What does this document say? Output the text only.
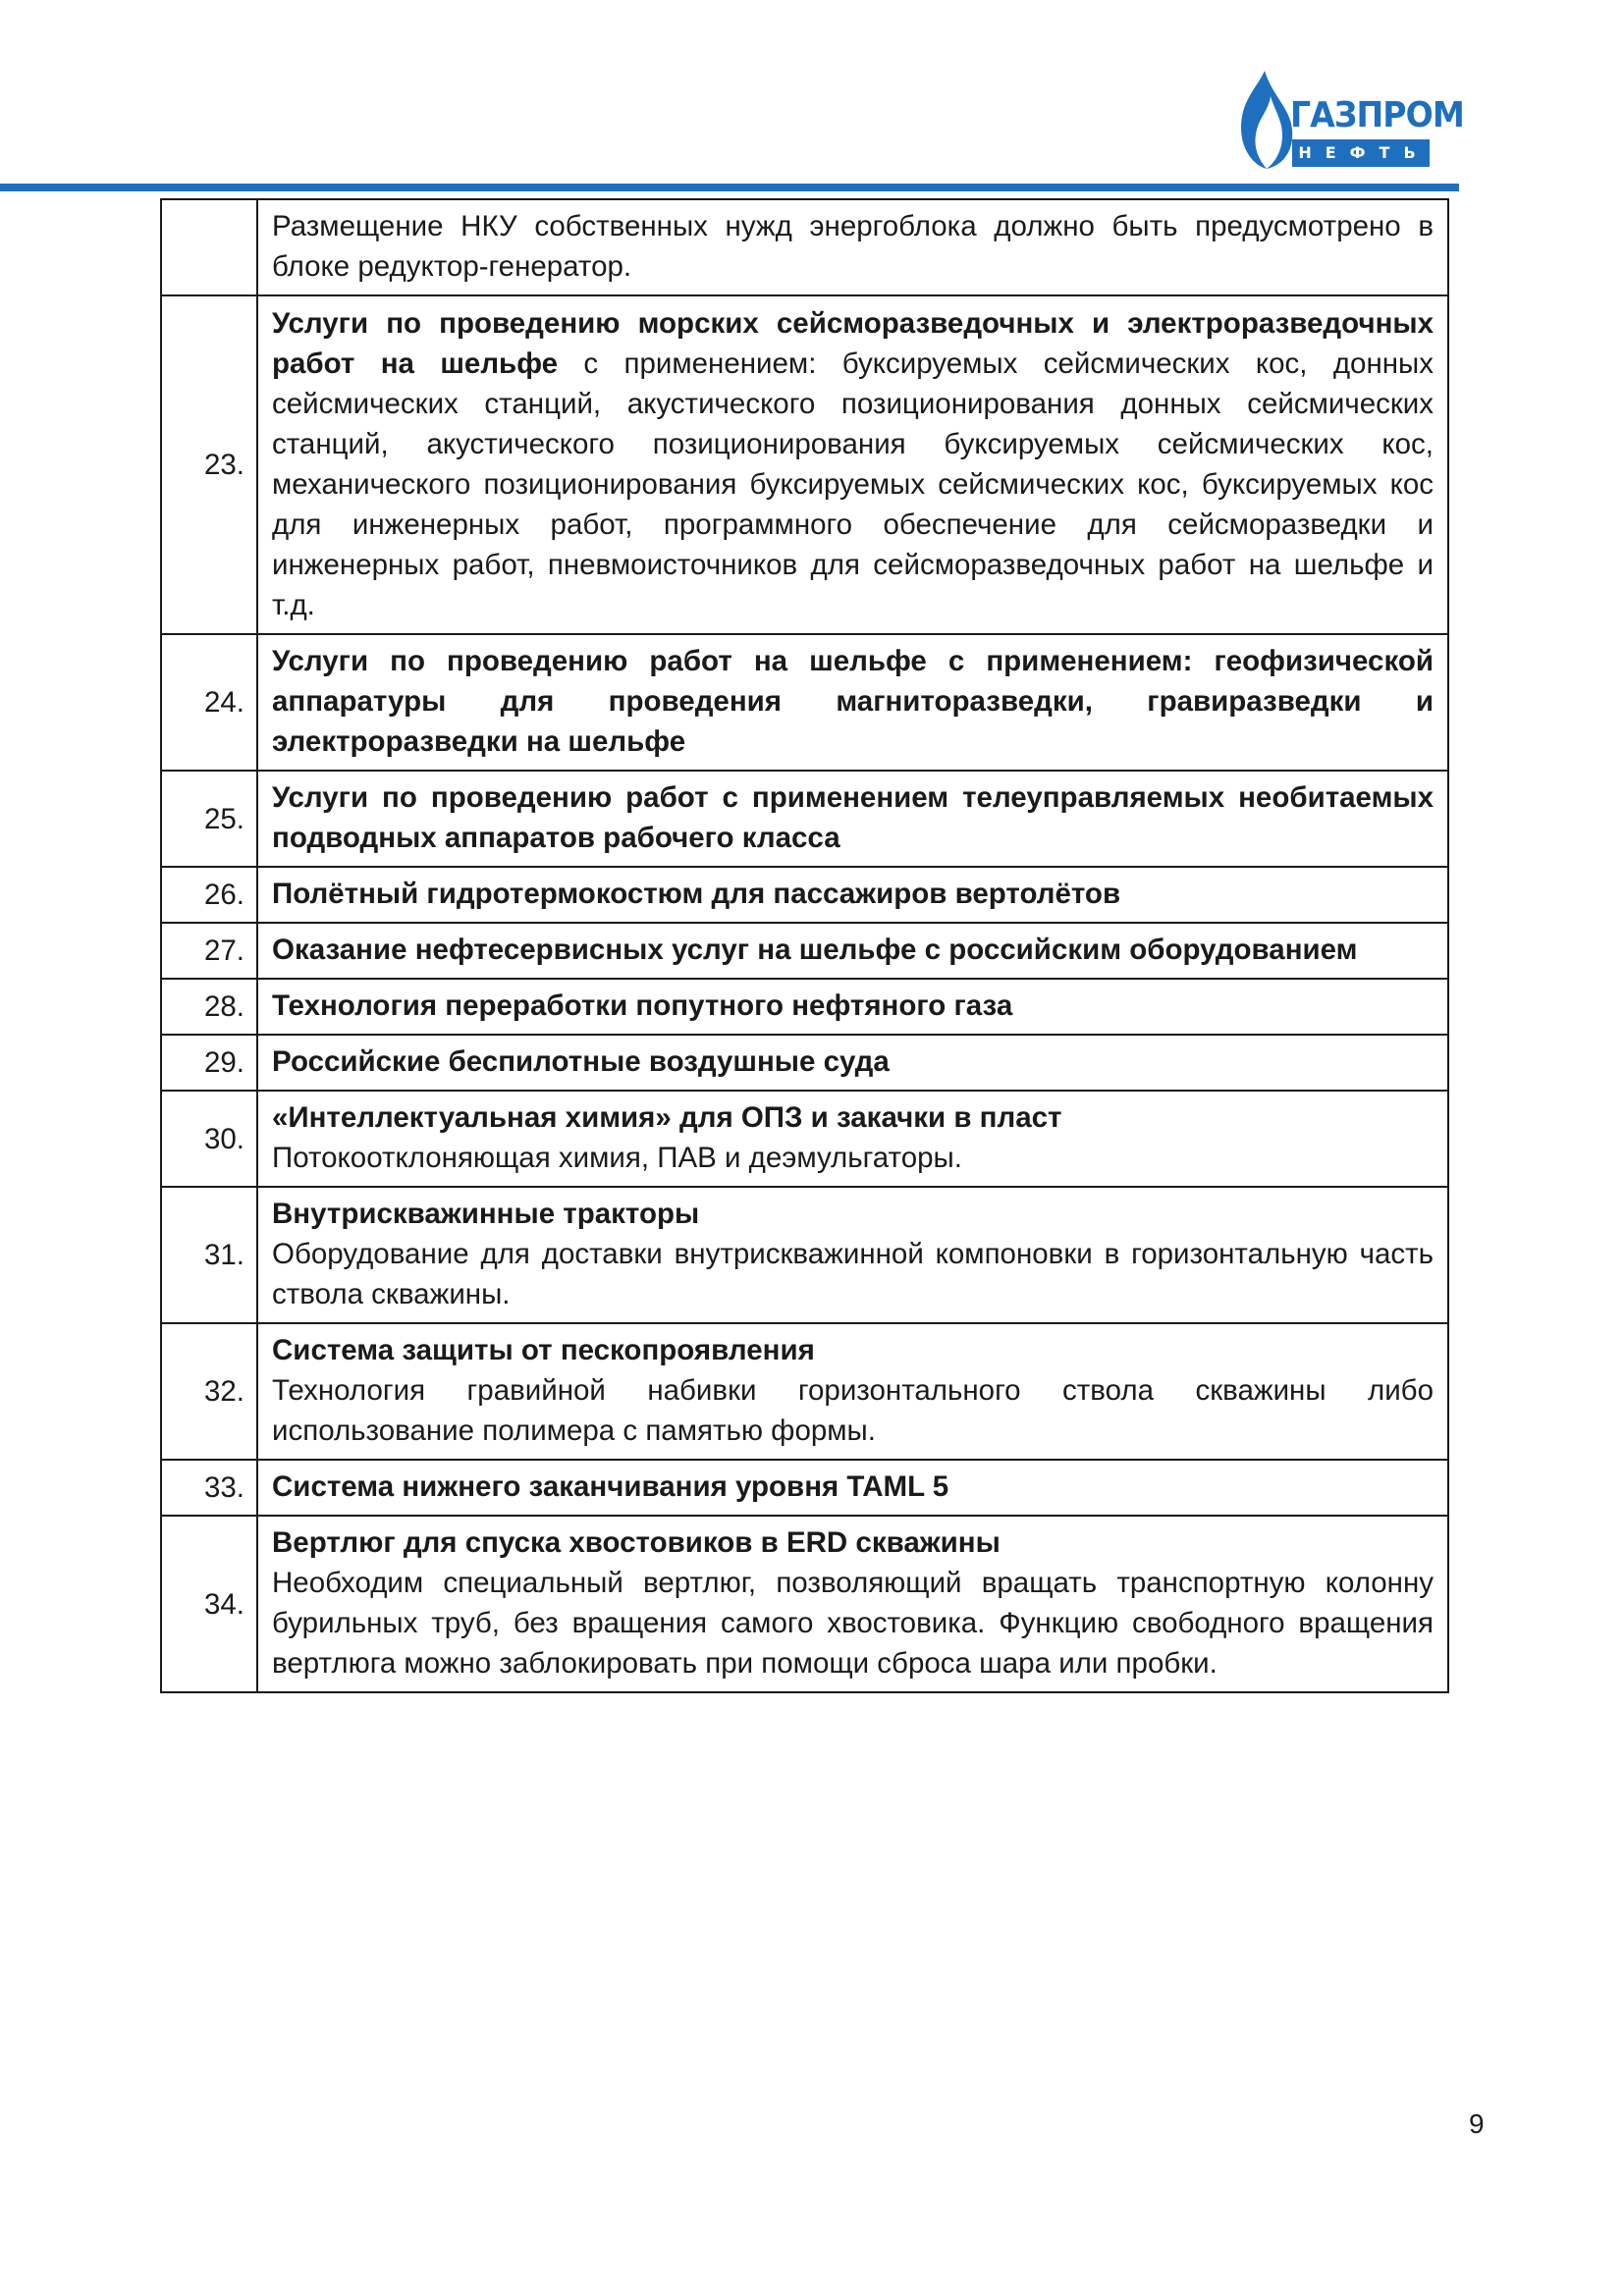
ГАЗПРОМ
НЕФТЬ
	Размещение НКУ собственных нужд энергоблока должно быть предусмотрено в блоке редуктор-генератор.
23.	Услуги по проведению морских сейсморазведочных и электроразведочных работ на шельфе с применением: буксируемых сейсмических кос, донных сейсмических станций, акустического позиционирования донных сейсмических станций, акустического позиционирования буксируемых сейсмических кос, механического позиционирования буксируемых сейсмических кос, буксируемых кос для инженерных работ, программного обеспечение для сейсморазведки и инженерных работ, пневмоисточников для сейсморазведочных работ на шельфе и т.д.
24.	Услуги по проведению работ на шельфе с применением: геофизической аппаратуры для проведения магниторазведки, гравиразведки и электроразведки на шельфе
25.	Услуги по проведению работ с применением телеуправляемых необитаемых подводных аппаратов рабочего класса
26.	Полётный гидротермокостюм для пассажиров вертолётов
27.	Оказание нефтесервисных услуг на шельфе с российским оборудованием
28.	Технология переработки попутного нефтяного газа
29.	Российские беспилотные воздушные суда
30.	«Интеллектуальная химия» для ОПЗ и закачки в пласт
Потокоотклоняющая химия, ПАВ и деэмульгаторы.

31.	Внутрискважинные тракторы
Оборудование для доставки внутрискважинной компоновки в горизонтальную часть ствола скважины.

32.	Система защиты от пескопроявления
Технология гравийной набивки горизонтального ствола скважины либо использование полимера с памятью формы.

33.	Система нижнего заканчивания уровня TAML 5
34.	Вертлюг для спуска хвостовиков в ERD скважины
Необходим специальный вертлюг, позволяющий вращать транспортную колонну бурильных труб, без вращения самого хвостовика. Функцию свободного вращения вертлюга можно заблокировать при помощи сброса шара или пробки.
9
